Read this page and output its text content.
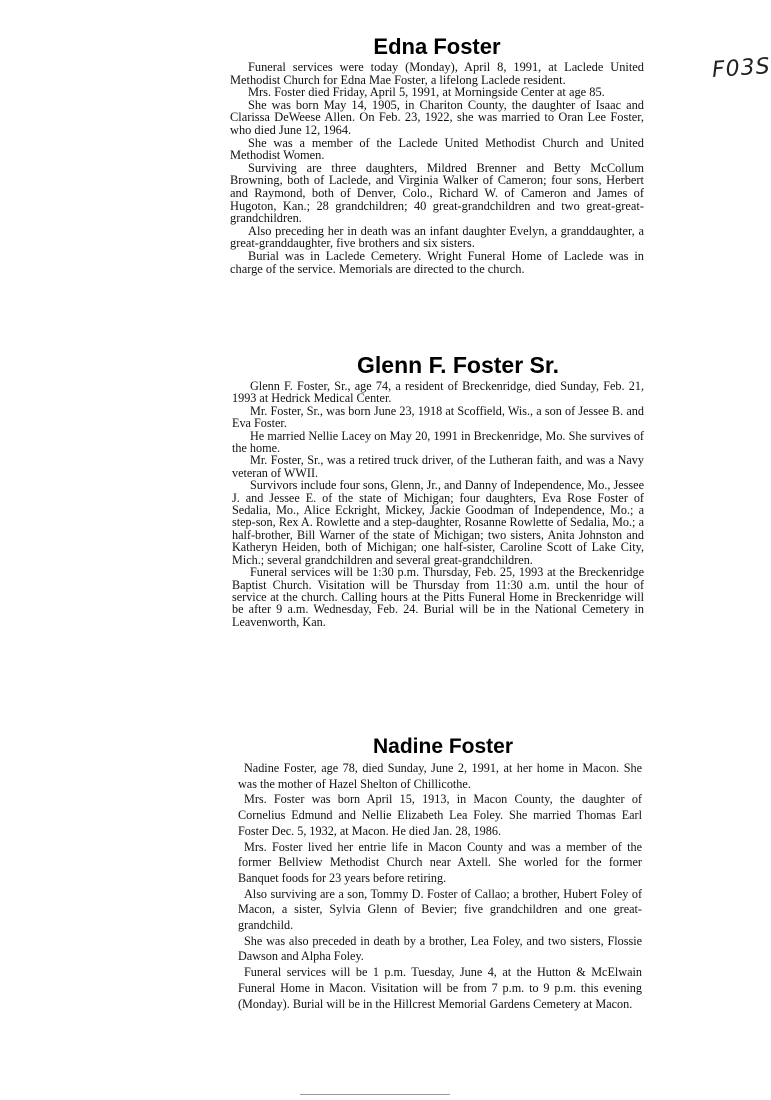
F03S
Edna Foster

Funeral services were today (Monday), April 8, 1991, at Laclede United Methodist Church for Edna Mae Foster, a lifelong Laclede resident.

Mrs. Foster died Friday, April 5, 1991, at Morningside Center at age 85.

She was born May 14, 1905, in Chariton County, the daughter of Isaac and Clarissa DeWeese Allen. On Feb. 23, 1922, she was married to Oran Lee Foster, who died June 12, 1964.

She was a member of the Laclede United Methodist Church and United Methodist Women.

Surviving are three daughters, Mildred Brenner and Betty McCollum Browning, both of Laclede, and Virginia Walker of Cameron; four sons, Herbert and Raymond, both of Denver, Colo., Richard W. of Cameron and James of Hugoton, Kan.; 28 grandchildren; 40 great-grandchildren and two great-great-grandchildren.

Also preceding her in death was an infant daughter Evelyn, a granddaughter, a great-granddaughter, five brothers and six sisters.

Burial was in Laclede Cemetery. Wright Funeral Home of Laclede was in charge of the service. Memorials are directed to the church.

Glenn F. Foster Sr.

Glenn F. Foster, Sr., age 74, a resident of Breckenridge, died Sunday, Feb. 21, 1993 at Hedrick Medical Center.

Mr. Foster, Sr., was born June 23, 1918 at Scoffield, Wis., a son of Jessee B. and Eva Foster.

He married Nellie Lacey on May 20, 1991 in Breckenridge, Mo. She survives of the home.

Mr. Foster, Sr., was a retired truck driver, of the Lutheran faith, and was a Navy veteran of WWII.

Survivors include four sons, Glenn, Jr., and Danny of Independence, Mo., Jessee J. and Jessee E. of the state of Michigan; four daughters, Eva Rose Foster of Sedalia, Mo., Alice Eckright, Mickey, Jackie Goodman of Independence, Mo.; a step-son, Rex A. Rowlette and a step-daughter, Rosanne Rowlette of Sedalia, Mo.; a half-brother, Bill Warner of the state of Michigan; two sisters, Anita Johnston and Katheryn Heiden, both of Michigan; one half-sister, Caroline Scott of Lake City, Mich.; several grandchildren and several great-grandchildren.

Funeral services will be 1:30 p.m. Thursday, Feb. 25, 1993 at the Breckenridge Baptist Church. Visitation will be Thursday from 11:30 a.m. until the hour of service at the church. Calling hours at the Pitts Funeral Home in Breckenridge will be after 9 a.m. Wednesday, Feb. 24. Burial will be in the National Cemetery in Leavenworth, Kan.

Nadine Foster

Nadine Foster, age 78, died Sunday, June 2, 1991, at her home in Macon. She was the mother of Hazel Shelton of Chillicothe.

Mrs. Foster was born April 15, 1913, in Macon County, the daughter of Cornelius Edmund and Nellie Elizabeth Lea Foley. She married Thomas Earl Foster Dec. 5, 1932, at Macon. He died Jan. 28, 1986.

Mrs. Foster lived her entrie life in Macon County and was a member of the former Bellview Methodist Church near Axtell. She worled for the former Banquet foods for 23 years before retiring.

Also surviving are a son, Tommy D. Foster of Callao; a brother, Hubert Foley of Macon, a sister, Sylvia Glenn of Bevier; five grandchildren and one great-grandchild.

She was also preceded in death by a brother, Lea Foley, and two sisters, Flossie Dawson and Alpha Foley.

Funeral services will be 1 p.m. Tuesday, June 4, at the Hutton & McElwain Funeral Home in Macon. Visitation will be from 7 p.m. to 9 p.m. this evening (Monday). Burial will be in the Hillcrest Memorial Gardens Cemetery at Macon.
